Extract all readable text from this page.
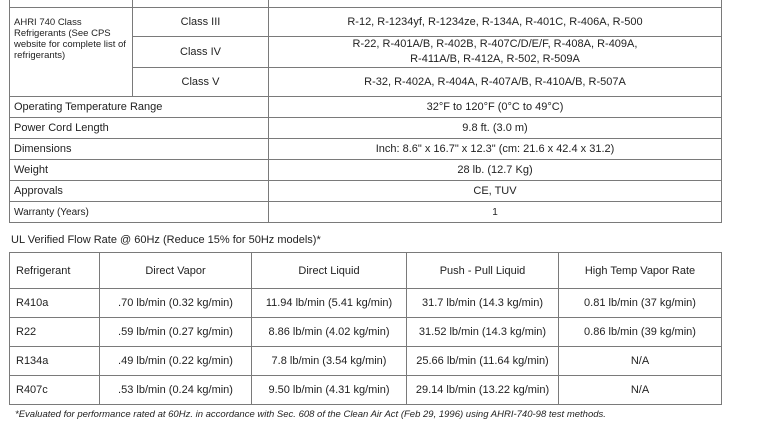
AHRI 740 Class Refrigerants (See CPS website for complete list of refrigerants)	Class III	R-12, R-1234yf, R-1234ze, R-134A, R-401C, R-406A, R-500
	Class IV	R-22, R-401A/B, R-402B, R-407C/D/E/F, R-408A, R-409A,
R-411A/B, R-412A, R-502, R-509A

	Class V	R-32, R-402A, R-404A, R-407A/B, R-410A/B, R-507A
Operating Temperature Range		32°F to 120°F (0°C to 49°C)
Power Cord Length		9.8 ft. (3.0 m)
Dimensions		Inch: 8.6" x 16.7" x 12.3" (cm: 21.6 x 42.4 x 31.2)
Weight		28 lb. (12.7 Kg)
Approvals		CE, TUV
Warranty (Years)		1
UL Verified Flow Rate @ 60Hz (Reduce 15% for 50Hz models)*
Refrigerant	Direct Vapor	Direct Liquid	Push - Pull Liquid	High Temp Vapor Rate
R410a	.70 lb/min (0.32 kg/min)	11.94 lb/min (5.41 kg/min)	31.7 lb/min (14.3 kg/min)	0.81 lb/min (37 kg/min)
R22	.59 lb/min (0.27 kg/min)	8.86 lb/min (4.02 kg/min)	31.52 lb/min (14.3 kg/min)	0.86 lb/min (39 kg/min)
R134a	.49 lb/min (0.22 kg/min)	7.8 lb/min (3.54 kg/min)	25.66 lb/min (11.64 kg/min)	N/A
R407c	.53 lb/min (0.24 kg/min)	9.50 lb/min (4.31 kg/min)	29.14 lb/min (13.22 kg/min)	N/A
*Evaluated for performance rated at 60Hz. in accordance with Sec. 608 of the Clean Air Act (Feb 29, 1996) using AHRI-740-98 test methods.
